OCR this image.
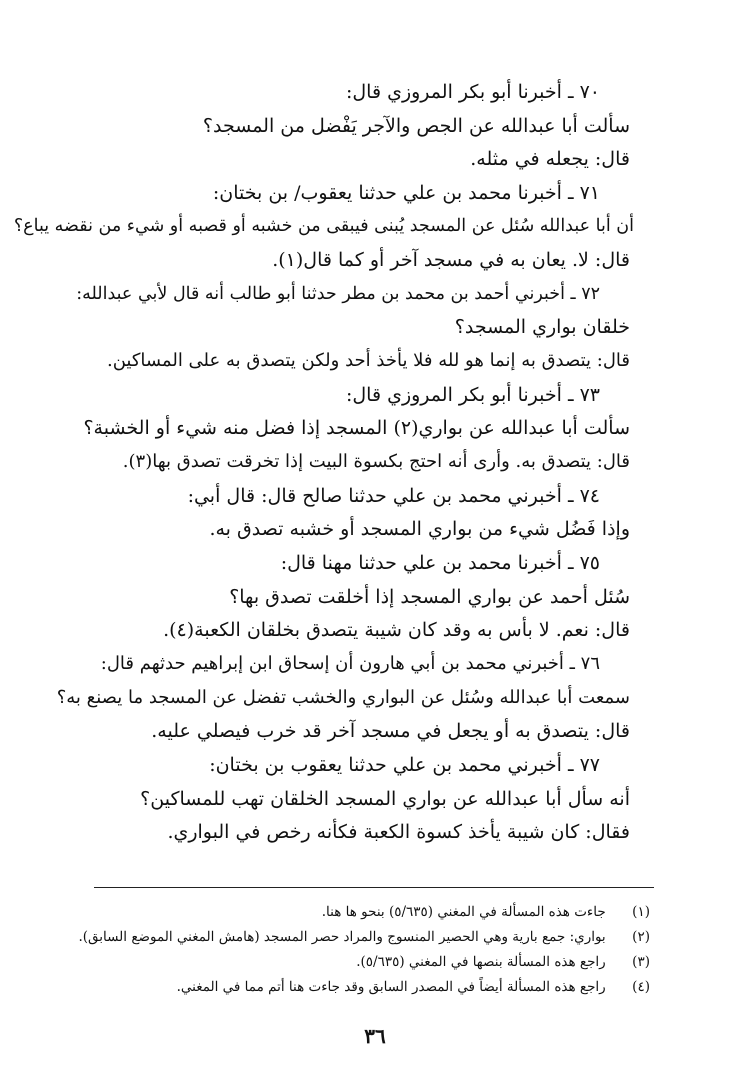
٧٠ ـ أخبرنا أبو بكر المروزي قال:
سألت أبا عبدالله عن الجص والآجر يَفْضل من المسجد؟
قال: يجعله في مثله.
٧١ ـ أخبرنا محمد بن علي حدثنا يعقوب/ بن بختان:
أن أبا عبدالله سُئل عن المسجد يُبنى فيبقى من خشبه أو قصبه أو شيء من نقضه يباع؟
قال: لا. يعان به في مسجد آخر أو كما قال(١).
٧٢ ـ أخبرني أحمد بن محمد بن مطر حدثنا أبو طالب أنه قال لأبي عبدالله:
خلقان بواري المسجد؟
قال: يتصدق به إنما هو لله فلا يأخذ أحد ولكن يتصدق به على المساكين.
٧٣ ـ أخبرنا أبو بكر المروزي قال:
سألت أبا عبدالله عن بواري(٢) المسجد إذا فضل منه شيء أو الخشبة؟
قال: يتصدق به. وأرى أنه احتج بكسوة البيت إذا تخرقت تصدق بها(٣).
٧٤ ـ أخبرني محمد بن علي حدثنا صالح قال: قال أبي:
وإذا فَضُل شيء من بواري المسجد أو خشبه تصدق به.
٧٥ ـ أخبرنا محمد بن علي حدثنا مهنا قال:
سُئل أحمد عن بواري المسجد إذا أخلقت تصدق بها؟
قال: نعم. لا بأس به وقد كان شيبة يتصدق بخلقان الكعبة(٤).
٧٦ ـ أخبرني محمد بن أبي هارون أن إسحاق ابن إبراهيم حدثهم قال:
سمعت أبا عبدالله وسُئل عن البواري والخشب تفضل عن المسجد ما يصنع به؟
قال: يتصدق به أو يجعل في مسجد آخر قد خرب فيصلي عليه.
٧٧ ـ أخبرني محمد بن علي حدثنا يعقوب بن بختان:
أنه سأل أبا عبدالله عن بواري المسجد الخلقان تهب للمساكين؟
فقال: كان شيبة يأخذ كسوة الكعبة فكأنه رخص في البواري.
(١) جاءت هذه المسألة في المغني (٥/٦٣٥) بنحو ها هنا.
(٢) بواري: جمع بارية وهي الحصير المنسوج والمراد حصر المسجد (هامش المغني الموضع السابق).
(٣) راجع هذه المسألة بنصها في المغني (٥/٦٣٥).
(٤) راجع هذه المسألة أيضاً في المصدر السابق وقد جاءت هنا أتم مما في المغني.
٣٦
